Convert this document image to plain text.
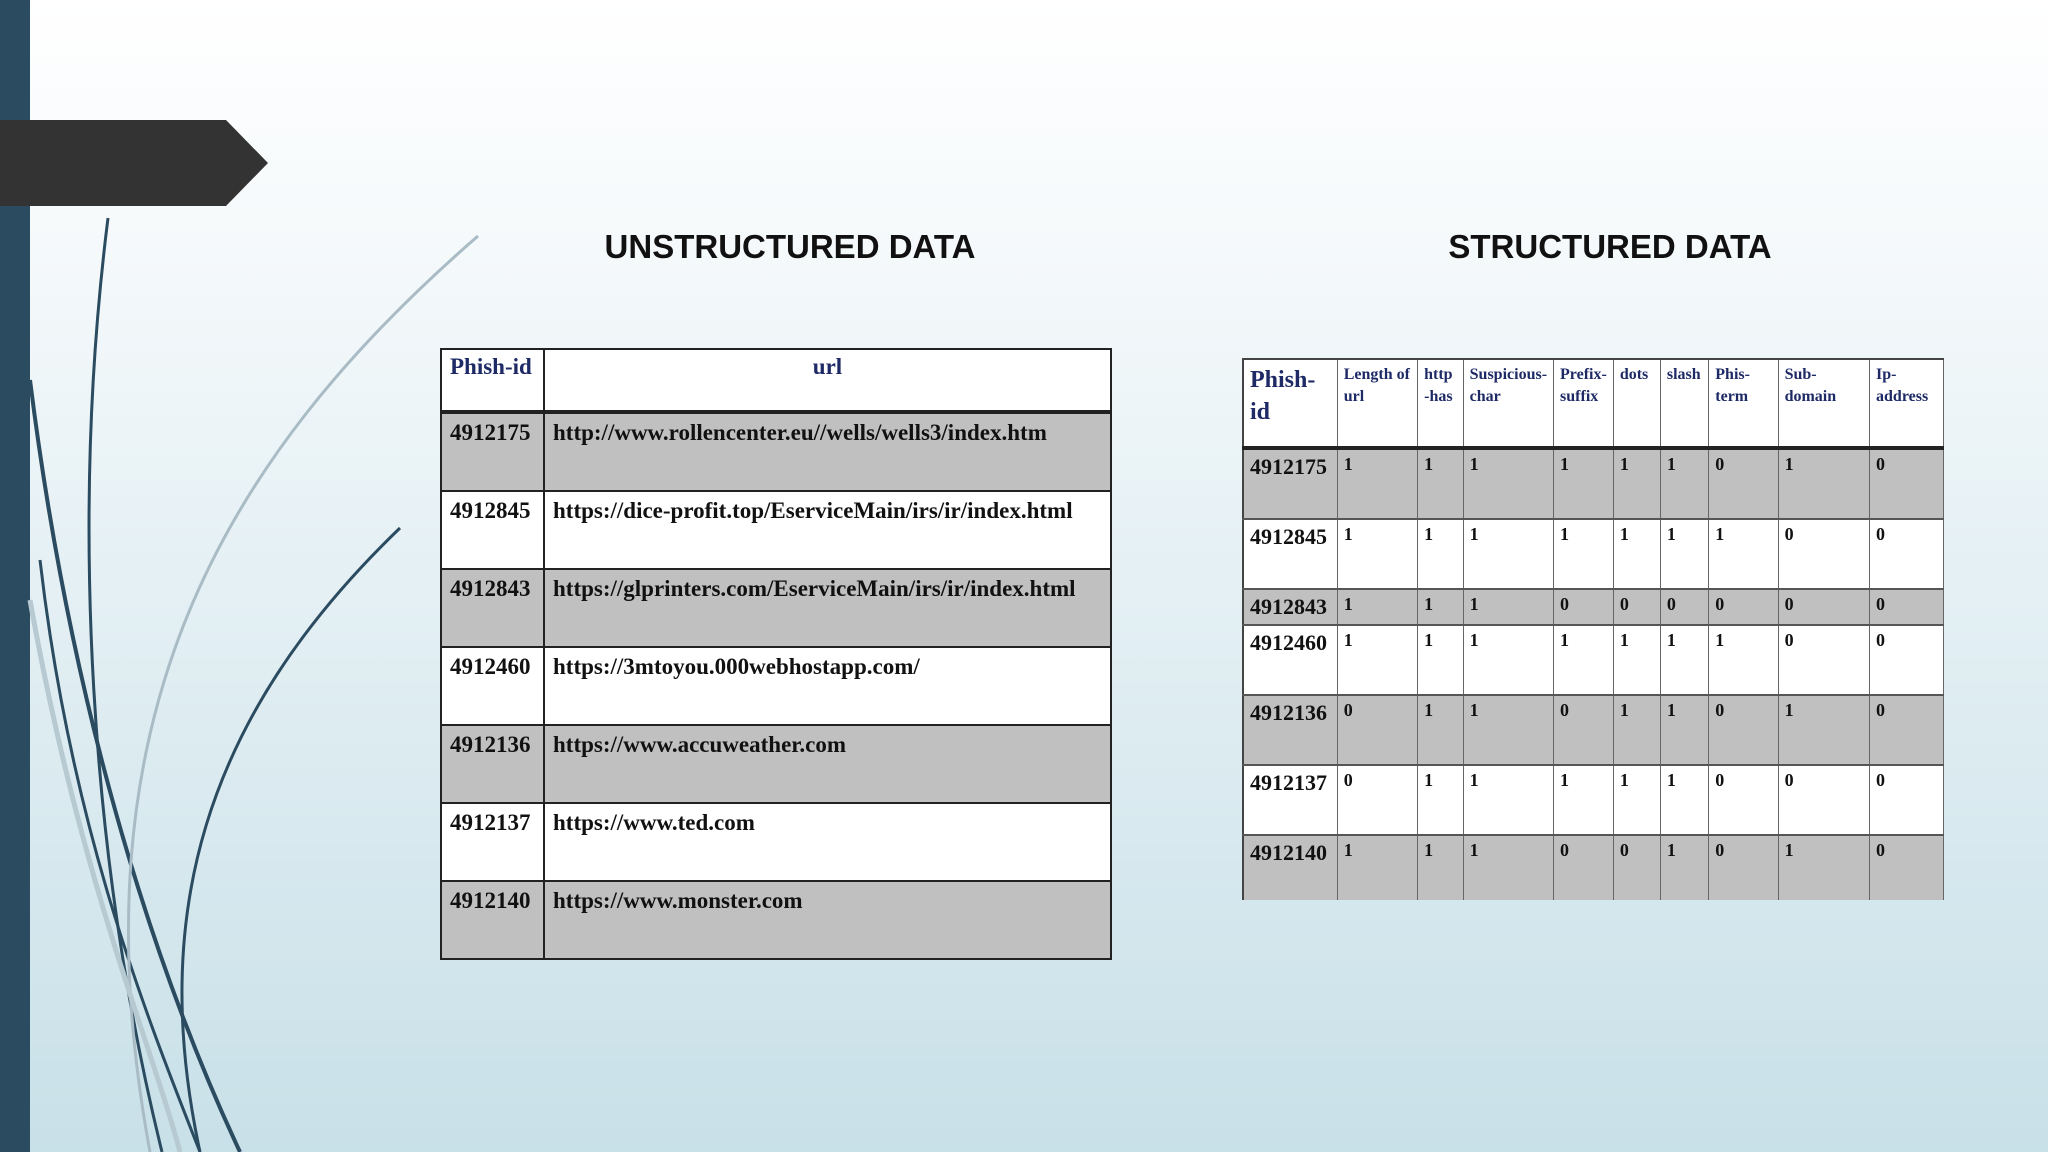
UNSTRUCTURED DATA	STRUCTURED DATA
Phish-id	url
4912175	http://www.rollencenter.eu//wells/wells3/index.htm
4912845	https://dice-profit.top/EserviceMain/irs/ir/index.html
4912843	https://glprinters.com/EserviceMain/irs/ir/index.html
4912460	https://3mtoyou.000webhostapp.com/
4912136	https://www.accuweather.com
4912137	https://www.ted.com
4912140	https://www.monster.com
Phish-id	Length of url	http -has	Suspicious-char	Prefix-suffix	dots	slash	Phis-term	Sub-domain	Ip-address
4912175	1	1	1	1	1	1	0	1	0
4912845	1	1	1	1	1	1	1	0	0
4912843	1	1	1	0	0	0	0	0	0
4912460	1	1	1	1	1	1	1	0	0
4912136	0	1	1	0	1	1	0	1	0
4912137	0	1	1	1	1	1	0	0	0
4912140	1	1	1	0	0	1	0	1	0
